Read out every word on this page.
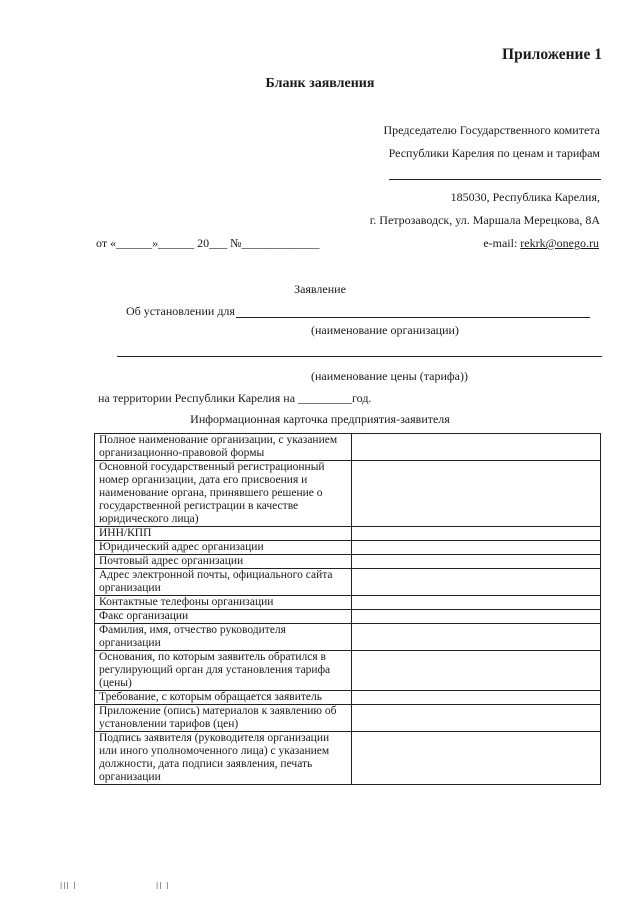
Приложение 1
Бланк заявления
Председателю Государственного комитета
Республики Карелия по ценам и тарифам
185030, Республика Карелия,
г. Петрозаводск, ул. Маршала Мерецкова, 8А
от «______»______ 20___ №_____________	e-mail: rekrk@onego.ru
Заявление
Об установлении для
(наименование организации)
(наименование цены (тарифа))
на территории Республики Карелия на _________год.
Информационная карточка предприятия-заявителя
Полное наименование организации, с указанием организационно-правовой формы	
Основной государственный регистрационный номер организации, дата его присвоения и наименование органа, принявшего решение о государственной регистрации в качестве юридического лица)	
ИНН/КПП	
Юридический адрес организации	
Почтовый адрес организации	
Адрес электронной почты, официального сайта организации	
Контактные телефоны организации	
Факс организации	
Фамилия, имя, отчество руководителя организации	
Основания, по которым заявитель обратился в регулирующий орган для установления тарифа (цены)	
Требование, с которым обращается заявитель	
Приложение (опись) материалов к заявлению об установлении тарифов (цен)	
Подпись заявителя (руководителя организации или иного уполномоченного лица) с указанием должности, дата подписи заявления, печать организации	
ǀǀǀ ǀ	ǀǀ ǀ
